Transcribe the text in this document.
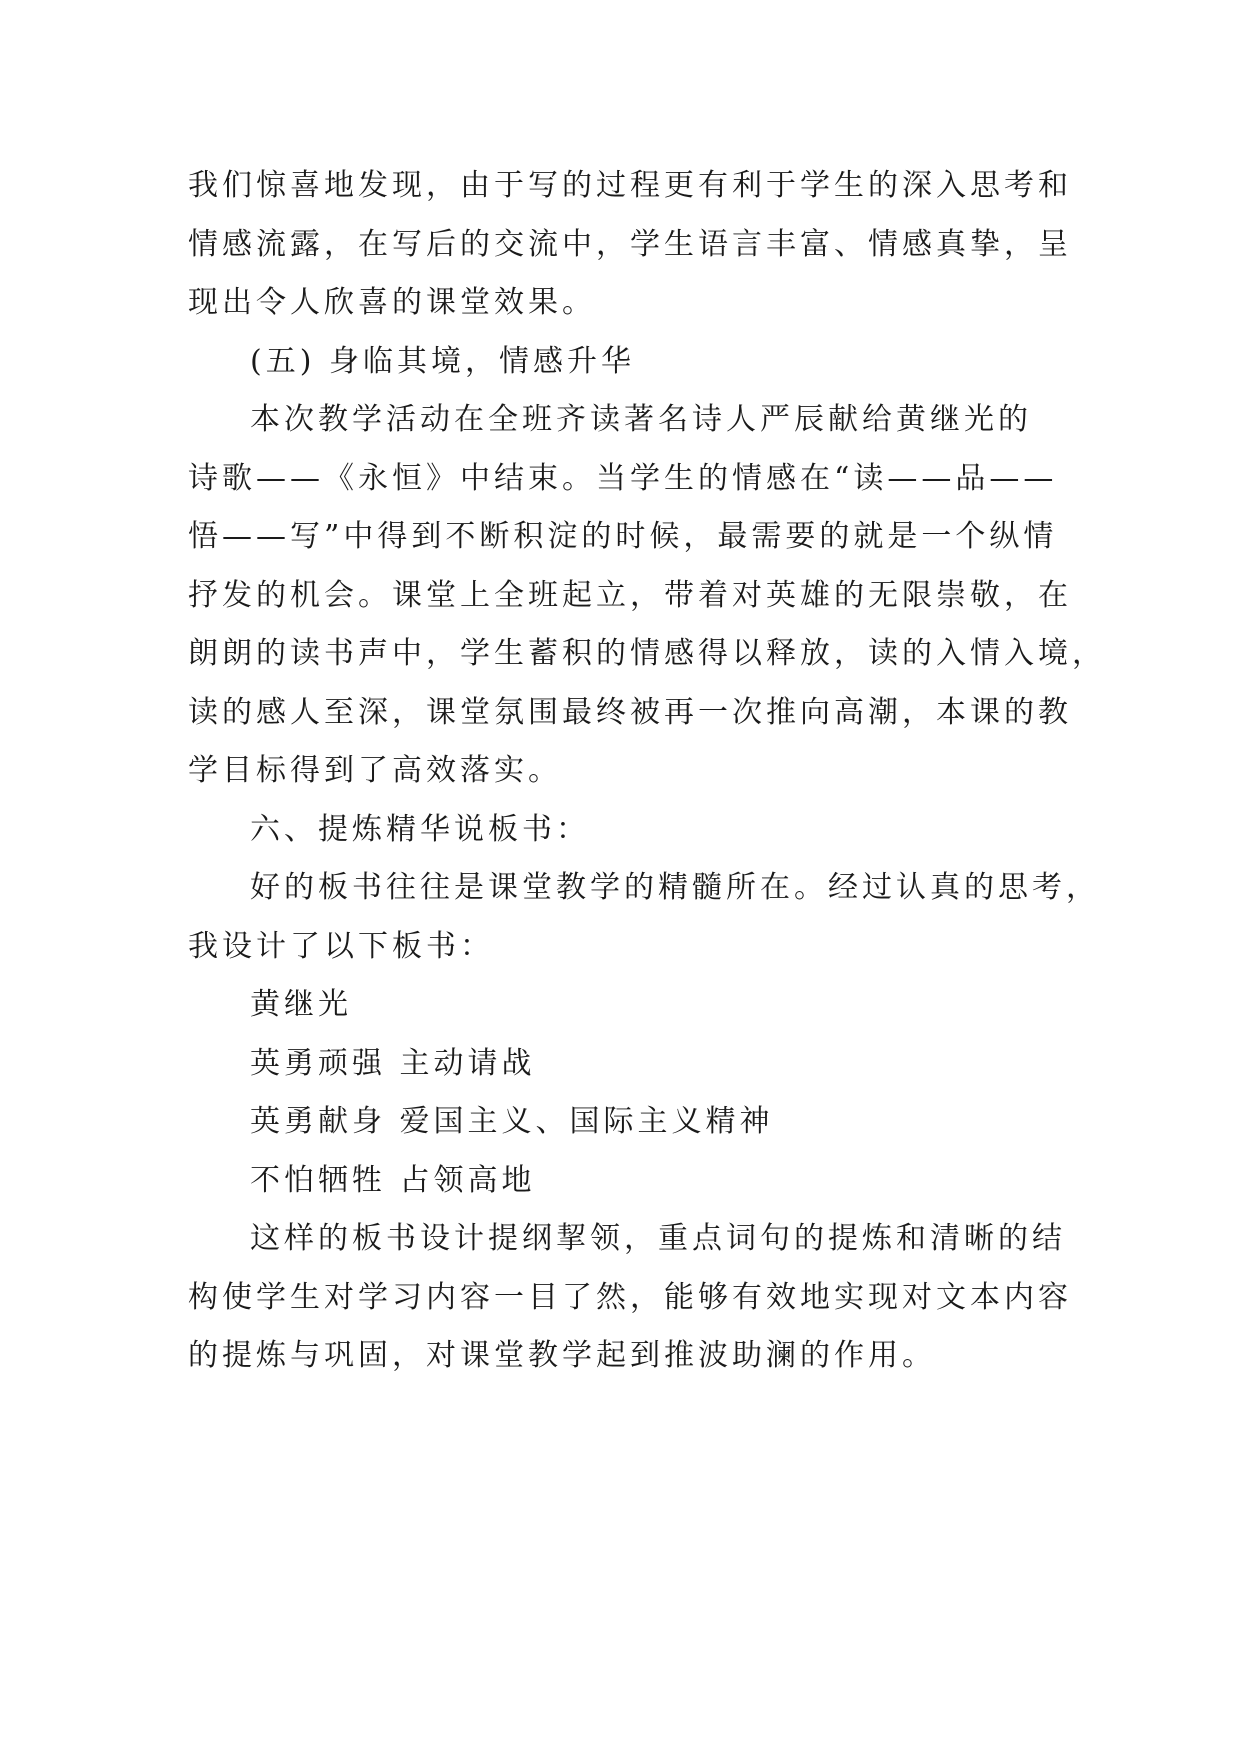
我们惊喜地发现，由于写的过程更有利于学生的深入思考和

情感流露，在写后的交流中，学生语言丰富、情感真挚，呈

现出令人欣喜的课堂效果。

(五) 身临其境，情感升华

本次教学活动在全班齐读著名诗人严辰献给黄继光的

诗歌——《永恒》中结束。当学生的情感在“读——品——

悟——写”中得到不断积淀的时候，最需要的就是一个纵情

抒发的机会。课堂上全班起立，带着对英雄的无限崇敬，在

朗朗的读书声中，学生蓄积的情感得以释放，读的入情入境，

读的感人至深，课堂氛围最终被再一次推向高潮，本课的教

学目标得到了高效落实。

六、提炼精华说板书：

好的板书往往是课堂教学的精髓所在。经过认真的思考，

我设计了以下板书：

黄继光

英勇顽强 主动请战

英勇献身 爱国主义、国际主义精神

不怕牺牲 占领高地

这样的板书设计提纲挈领，重点词句的提炼和清晰的结

构使学生对学习内容一目了然，能够有效地实现对文本内容

的提炼与巩固，对课堂教学起到推波助澜的作用。
